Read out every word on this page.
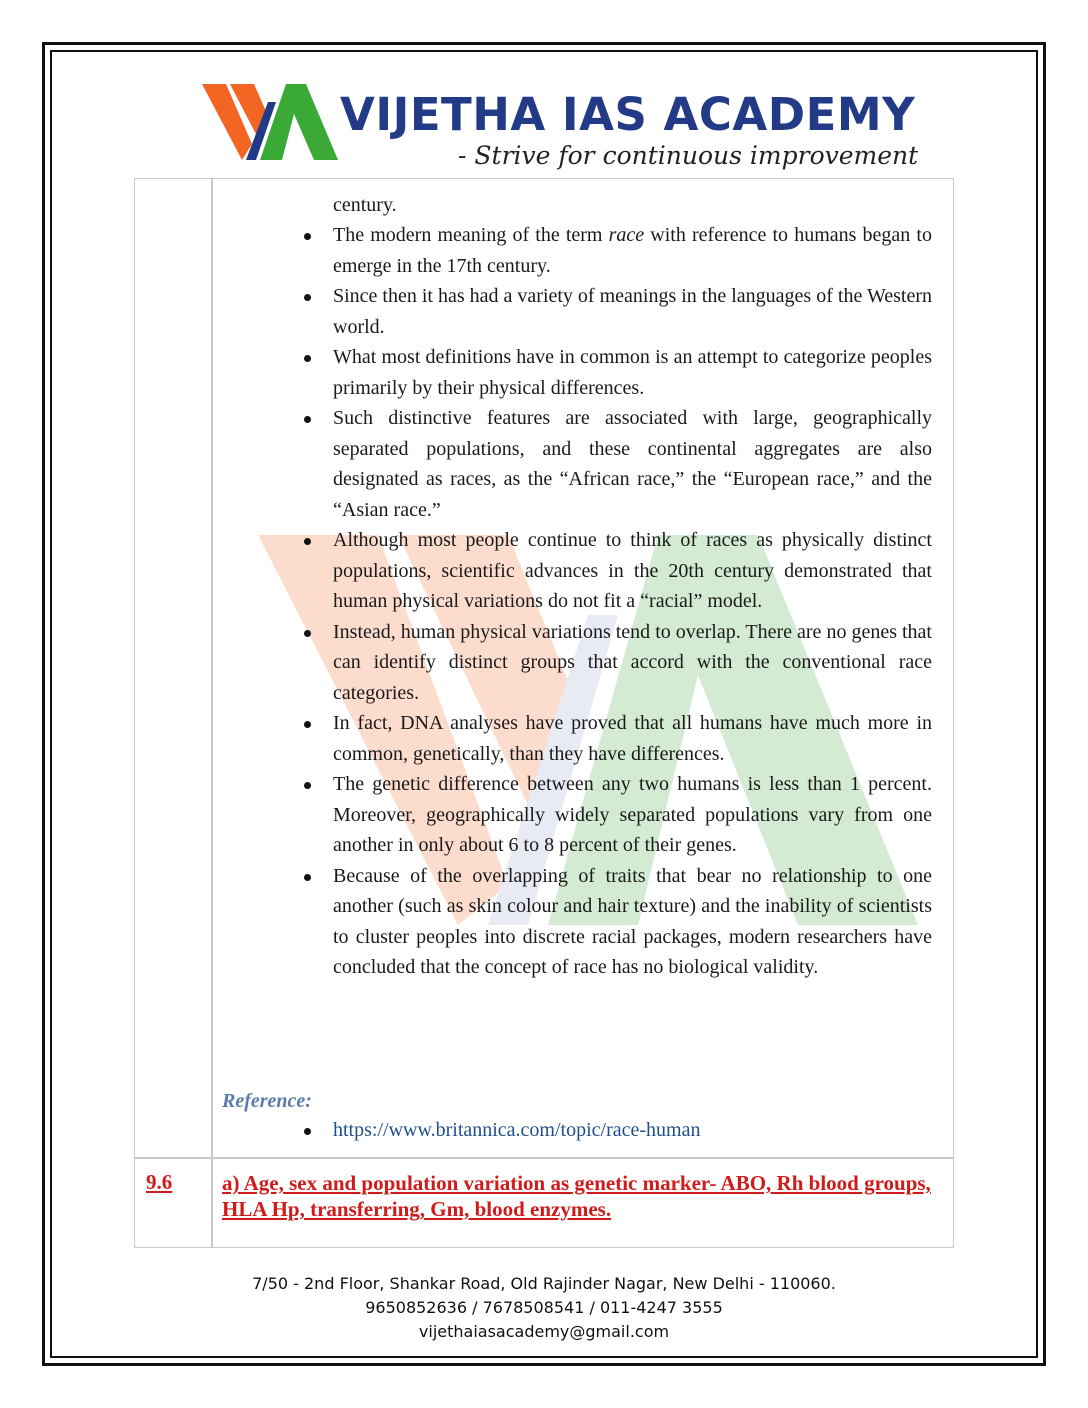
VIJETHA IAS ACADEMY
- Strive for continuous improvement
century.
The modern meaning of the term race with reference to humans began to emerge in the 17th century.
Since then it has had a variety of meanings in the languages of the Western world.
What most definitions have in common is an attempt to categorize peoples primarily by their physical differences.
Such distinctive features are associated with large, geographically separated populations, and these continental aggregates are also designated as races, as the “African race,” the “European race,” and the “Asian race.”
Although most people continue to think of races as physically distinct populations, scientific advances in the 20th century demonstrated that human physical variations do not fit a “racial” model.
Instead, human physical variations tend to overlap. There are no genes that can identify distinct groups that accord with the conventional race categories.
In fact, DNA analyses have proved that all humans have much more in common, genetically, than they have differences.
The genetic difference between any two humans is less than 1 percent. Moreover, geographically widely separated populations vary from one another in only about 6 to 8 percent of their genes.
Because of the overlapping of traits that bear no relationship to one another (such as skin colour and hair texture) and the inability of scientists to cluster peoples into discrete racial packages, modern researchers have concluded that the concept of race has no biological validity.
Reference:
https://www.britannica.com/topic/race-human
9.6 a) Age, sex and population variation as genetic marker- ABO, Rh blood groups, HLA Hp, transferring, Gm, blood enzymes.
7/50 - 2nd Floor, Shankar Road, Old Rajinder Nagar, New Delhi - 110060.
9650852636 / 7678508541 / 011-4247 3555
vijethaiasacademy@gmail.com
